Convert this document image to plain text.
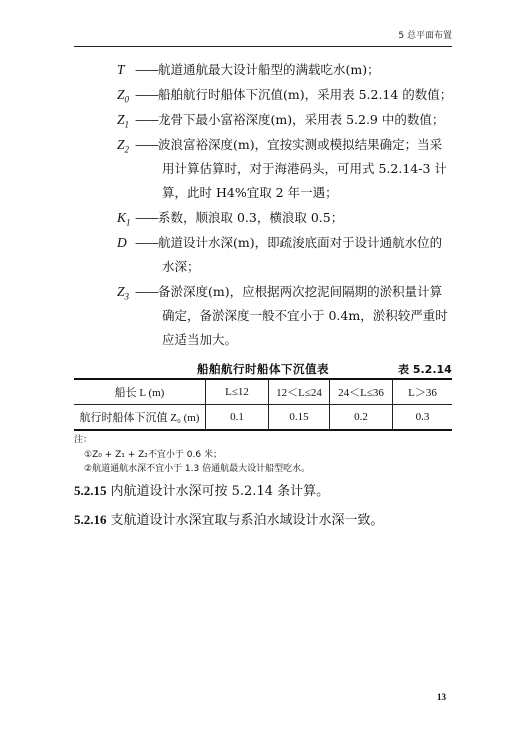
5 总平面布置
T —— 航道通航最大设计船型的满载吃水(m)；
$Z_0$ —— 船舶航行时船体下沉值(m)，采用表 5.2.14 的数值；
$Z_1$ —— 龙骨下最小富裕深度(m)，采用表 5.2.9 中的数值；
$Z_2$ —— 波浪富裕深度(m)，宜按实测或模拟结果确定；当采
用计算估算时，对于海港码头，可用式 5.2.14-3 计
算，此时 H4%宜取 2 年一遇；
$K_1$ —— 系数，顺浪取 0.3，横浪取 0.5；
D —— 航道设计水深(m)，即疏浚底面对于设计通航水位的
水深；
$Z_3$ —— 备淤深度(m)，应根据两次挖泥间隔期的淤积量计算
确定，备淤深度一般不宜小于 0.4m，淤积较严重时
应适当加大。
船舶航行时船体下沉值表	表 5.2.14
船长 L (m)	L≤12	12＜L≤24	24＜L≤36	L＞36
航行时船体下沉值 Z₀ (m)	0.1	0.15	0.2	0.3
注：
①Z₀ + Z₁ + Z₂不宜小于 0.6 米；
②航道通航水深不宜小于 1.3 倍通航最大设计船型吃水。
5.2.15 内航道设计水深可按 5.2.14 条计算。
5.2.16 支航道设计水深宜取与系泊水域设计水深一致。
13
